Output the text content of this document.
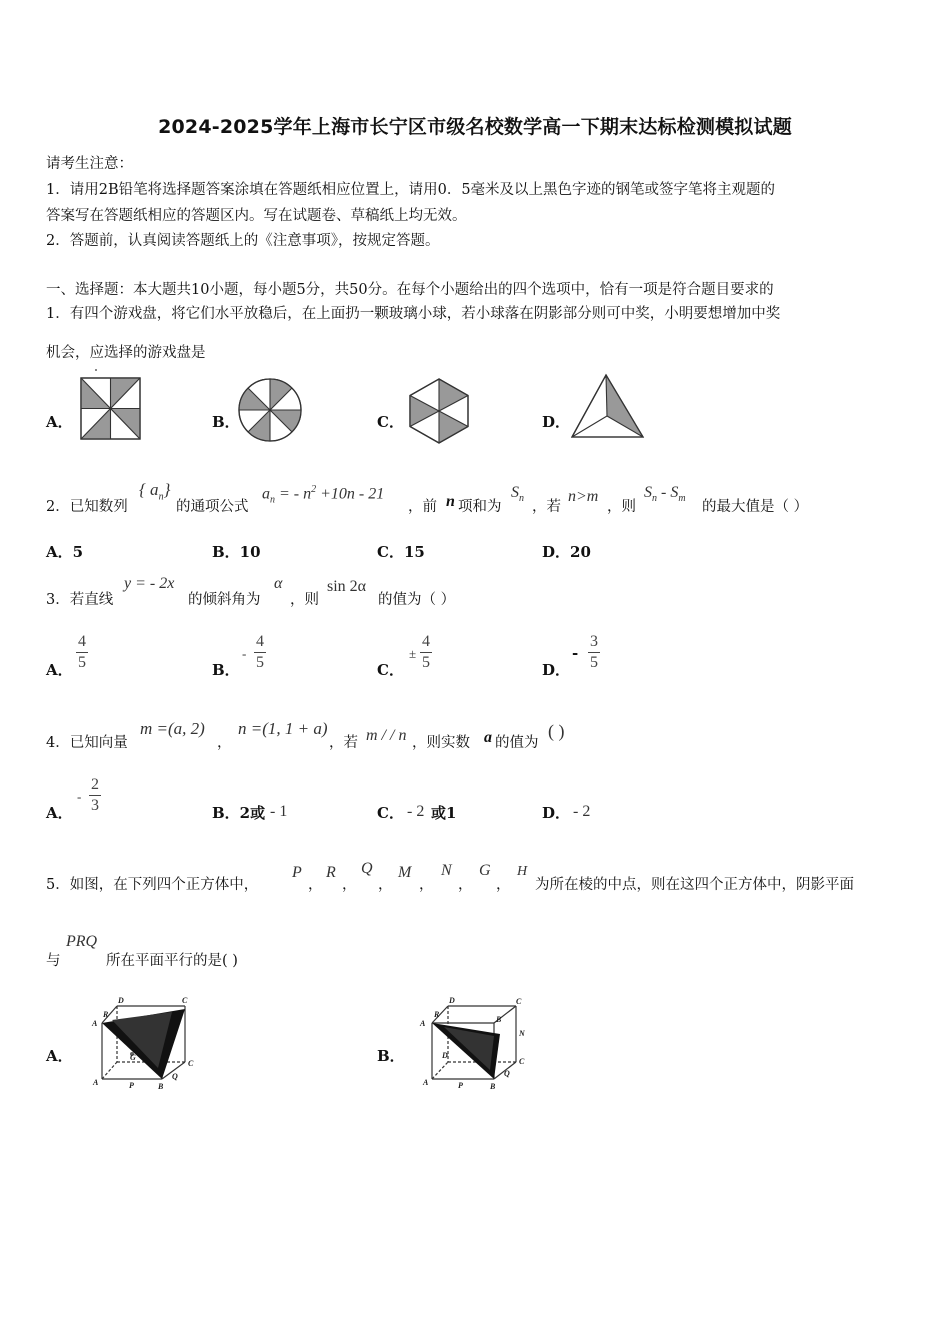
2024-2025学年上海市长宁区市级名校数学高一下期末达标检测模拟试题
请考生注意：
1．请用2B铅笔将选择题答案涂填在答题纸相应位置上，请用0．5毫米及以上黑色字迹的钢笔或签字笔将主观题的
答案写在答题纸相应的答题区内。写在试题卷、草稿纸上均无效。
2．答题前，认真阅读答题纸上的《注意事项》，按规定答题。
一、选择题：本大题共10小题，每小题5分，共50分。在每个小题给出的四个选项中，恰有一项是符合题目要求的
1．有四个游戏盘，将它们水平放稳后，在上面扔一颗玻璃小球，若小球落在阴影部分则可中奖，小明要想增加中奖
机会，应选择的游戏盘是
A．	B．	C．	D．
2．已知数列
{ $a_n$}
的通项公式
$a_n$ = - $n^2 +10n - 21$
，前 n 项和为
$S_n$
，若
n>m
，则
$S_n - S_m$
的最大值是（ ）
A．5	B．10	C．15	D．20
3．若直线
y = - 2x
的倾斜角为
α
，则
sin 2α
的值为（ ）
A． $\frac{4}{5}$	B．
- $\frac{4}{5}$	C．
± $\frac{4}{5}$	D．
- $\frac{3}{5}$
4．已知向量
m =(a, 2)
，
n =(1, 1 + a)
，若 m / / n ，则实数 a 的值为
( )
A．
- $\frac{2}{3}$	B．2或 - 1	C． - 2 或1	D． - 2
5．如图，在下列四个正方体中，
P
，
R
，
Q
，
M
，
N
，
G
，
H
为所在棱的中点，则在这四个正方体中，阴影平面
与
PRQ
所在平面平行的是( )
A．
D	C
A
R
C
Q
B
A	P
G	B．
D	C
A
R
B
N
D
C
A	P
Q
B
